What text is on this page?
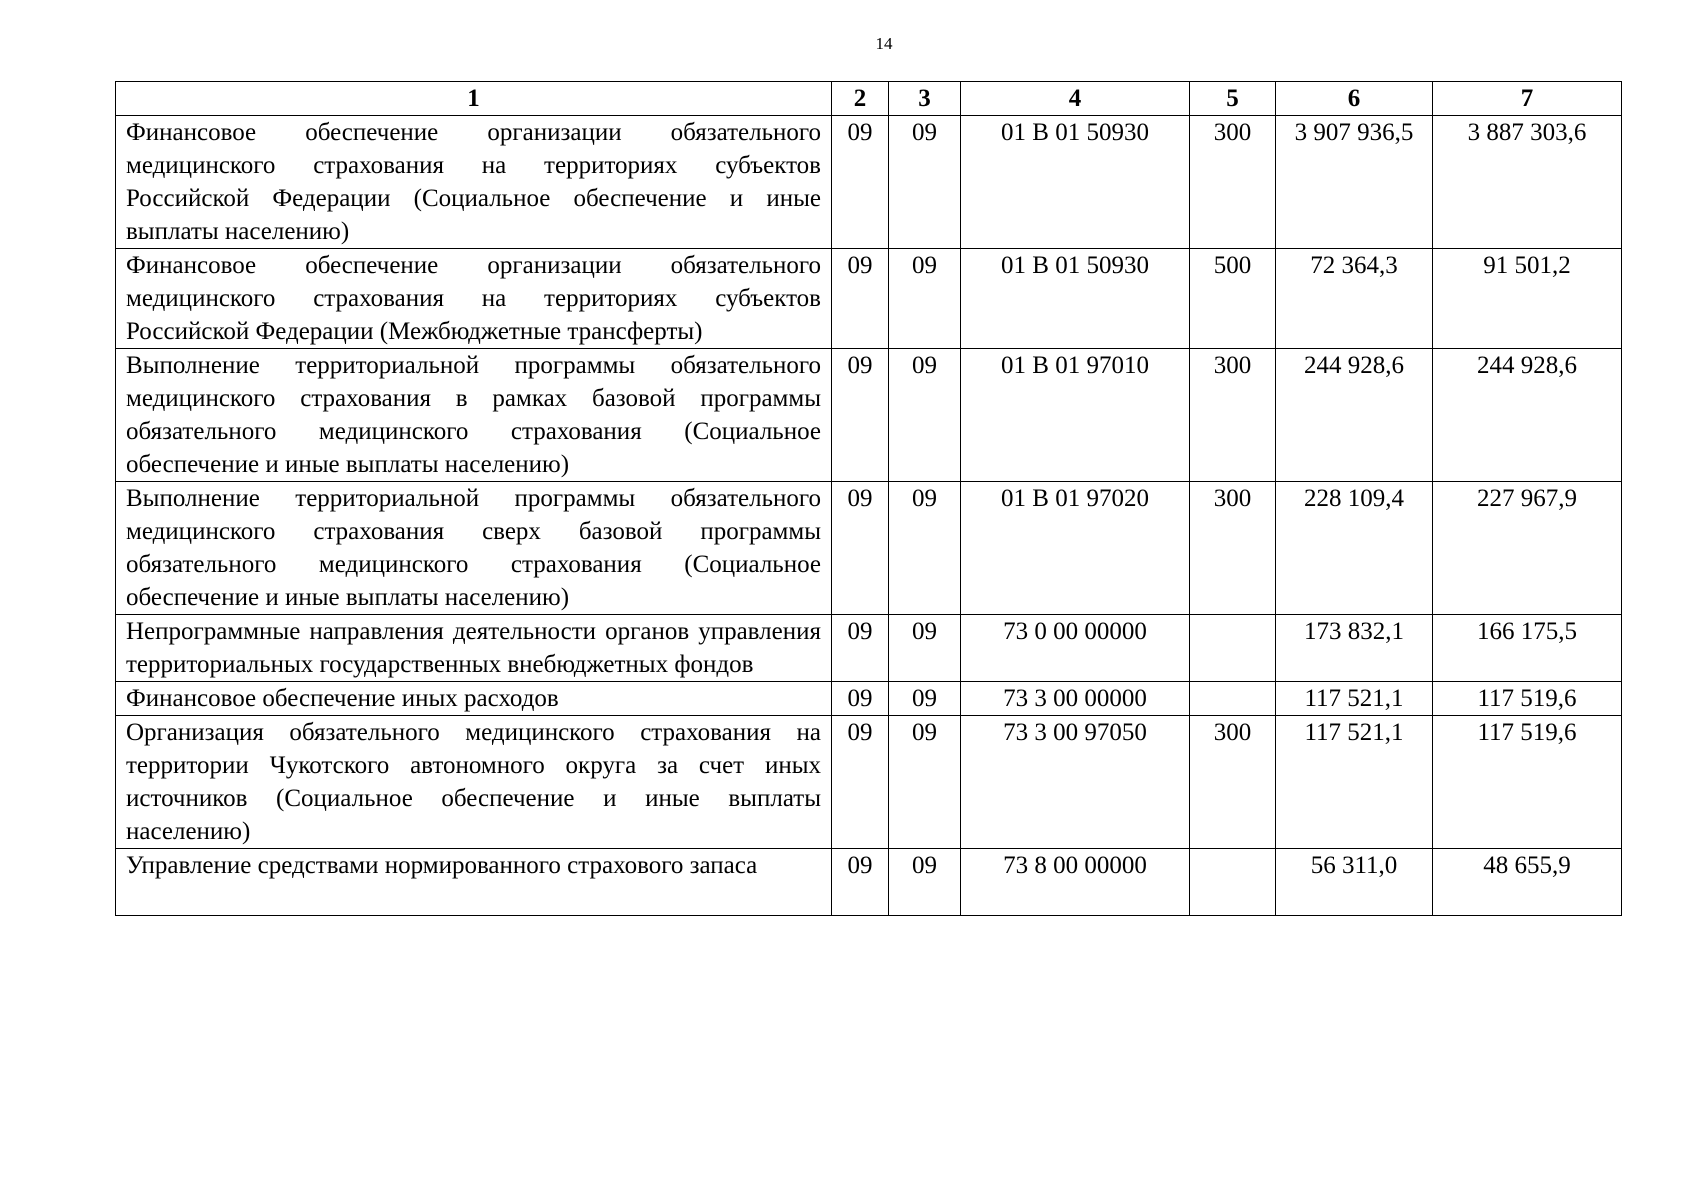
14
1	2	3	4	5	6	7
Финансовое обеспечение организации обязательного медицинского страхования на территориях субъектов Российской Федерации (Социальное обеспечение и иные выплаты населению)	09	09	01 В 01 50930	300	3 907 936,5	3 887 303,6
Финансовое обеспечение организации обязательного медицинского страхования на территориях субъектов Российской Федерации (Межбюджетные трансферты)	09	09	01 В 01 50930	500	72 364,3	91 501,2
Выполнение территориальной программы обязательного медицинского страхования в рамках базовой программы обязательного медицинского страхования (Социальное обеспечение и иные выплаты населению)	09	09	01 В 01 97010	300	244 928,6	244 928,6
Выполнение территориальной программы обязательного медицинского страхования сверх базовой программы обязательного медицинского страхования (Социальное обеспечение и иные выплаты населению)	09	09	01 В 01 97020	300	228 109,4	227 967,9
Непрограммные направления деятельности органов управления территориальных государственных внебюджетных фондов	09	09	73 0 00 00000		173 832,1	166 175,5
Финансовое обеспечение иных расходов	09	09	73 3 00 00000		117 521,1	117 519,6
Организация обязательного медицинского страхования на территории Чукотского автономного округа за счет иных источников (Социальное обеспечение и иные выплаты населению)	09	09	73 3 00 97050	300	117 521,1	117 519,6
Управление средствами нормированного страхового запаса	09	09	73 8 00 00000		56 311,0	48 655,9
